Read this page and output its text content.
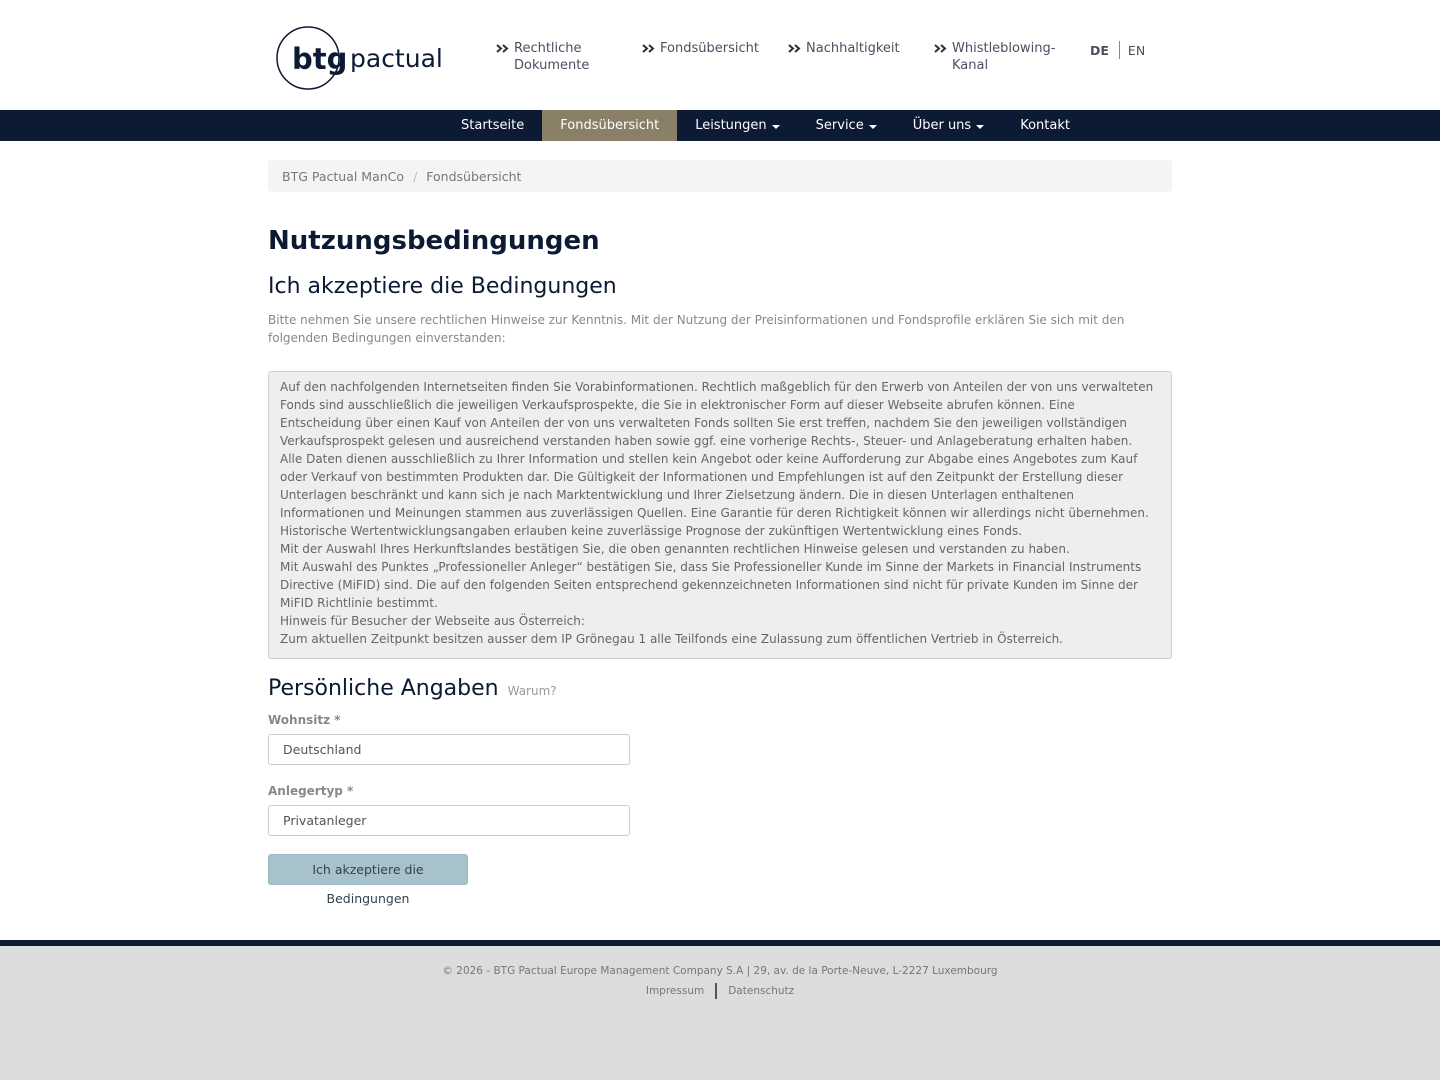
btg pactual	Rechtliche
Dokumente
Fondsübersicht	Nachhaltigkeit	Whistleblowing-
Kanal
DE	EN
Startseite	Fondsübersicht	Leistungen	Service	Über uns	Kontakt
BTG Pactual ManCo / Fondsübersicht
Nutzungsbedingungen
Ich akzeptiere die Bedingungen

Bitte nehmen Sie unsere rechtlichen Hinweise zur Kenntnis. Mit der Nutzung der Preisinformationen und Fondsprofile erklären Sie sich mit den folgenden Bedingungen einverstanden:

Auf den nachfolgenden Internetseiten finden Sie Vorabinformationen. Rechtlich maßgeblich für den Erwerb von Anteilen der von uns verwalteten Fonds sind ausschließlich die jeweiligen Verkaufsprospekte, die Sie in elektronischer Form auf dieser Webseite abrufen können. Eine Entscheidung über einen Kauf von Anteilen der von uns verwalteten Fonds sollten Sie erst treffen, nachdem Sie den jeweiligen vollständigen Verkaufsprospekt gelesen und ausreichend verstanden haben sowie ggf. eine vorherige Rechts-, Steuer- und Anlageberatung erhalten haben.

Alle Daten dienen ausschließlich zu Ihrer Information und stellen kein Angebot oder keine Aufforderung zur Abgabe eines Angebotes zum Kauf oder Verkauf von bestimmten Produkten dar. Die Gültigkeit der Informationen und Empfehlungen ist auf den Zeitpunkt der Erstellung dieser Unterlagen beschränkt und kann sich je nach Marktentwicklung und Ihrer Zielsetzung ändern. Die in diesen Unterlagen enthaltenen Informationen und Meinungen stammen aus zuverlässigen Quellen. Eine Garantie für deren Richtigkeit können wir allerdings nicht übernehmen. Historische Wertentwicklungsangaben erlauben keine zuverlässige Prognose der zukünftigen Wertentwicklung eines Fonds.

Mit der Auswahl Ihres Herkunftslandes bestätigen Sie, die oben genannten rechtlichen Hinweise gelesen und verstanden zu haben.

Mit Auswahl des Punktes „Professioneller Anleger“ bestätigen Sie, dass Sie Professioneller Kunde im Sinne der Markets in Financial Instruments Directive (MiFID) sind. Die auf den folgenden Seiten entsprechend gekennzeichneten Informationen sind nicht für private Kunden im Sinne der MiFID Richtlinie bestimmt.

Hinweis für Besucher der Webseite aus Österreich:

Zum aktuellen Zeitpunkt besitzen ausser dem IP Grönegau 1 alle Teilfonds eine Zulassung zum öffentlichen Vertrieb in Österreich.

Persönliche Angaben Warum?
Wohnsitz *
Deutschland
Anlegertyp *
Privatanleger
Ich akzeptiere die Bedingungen
© 2026 - BTG Pactual Europe Management Company S.A | 29, av. de la Porte-Neuve, L-2227 Luxembourg
Impressum Datenschutz
